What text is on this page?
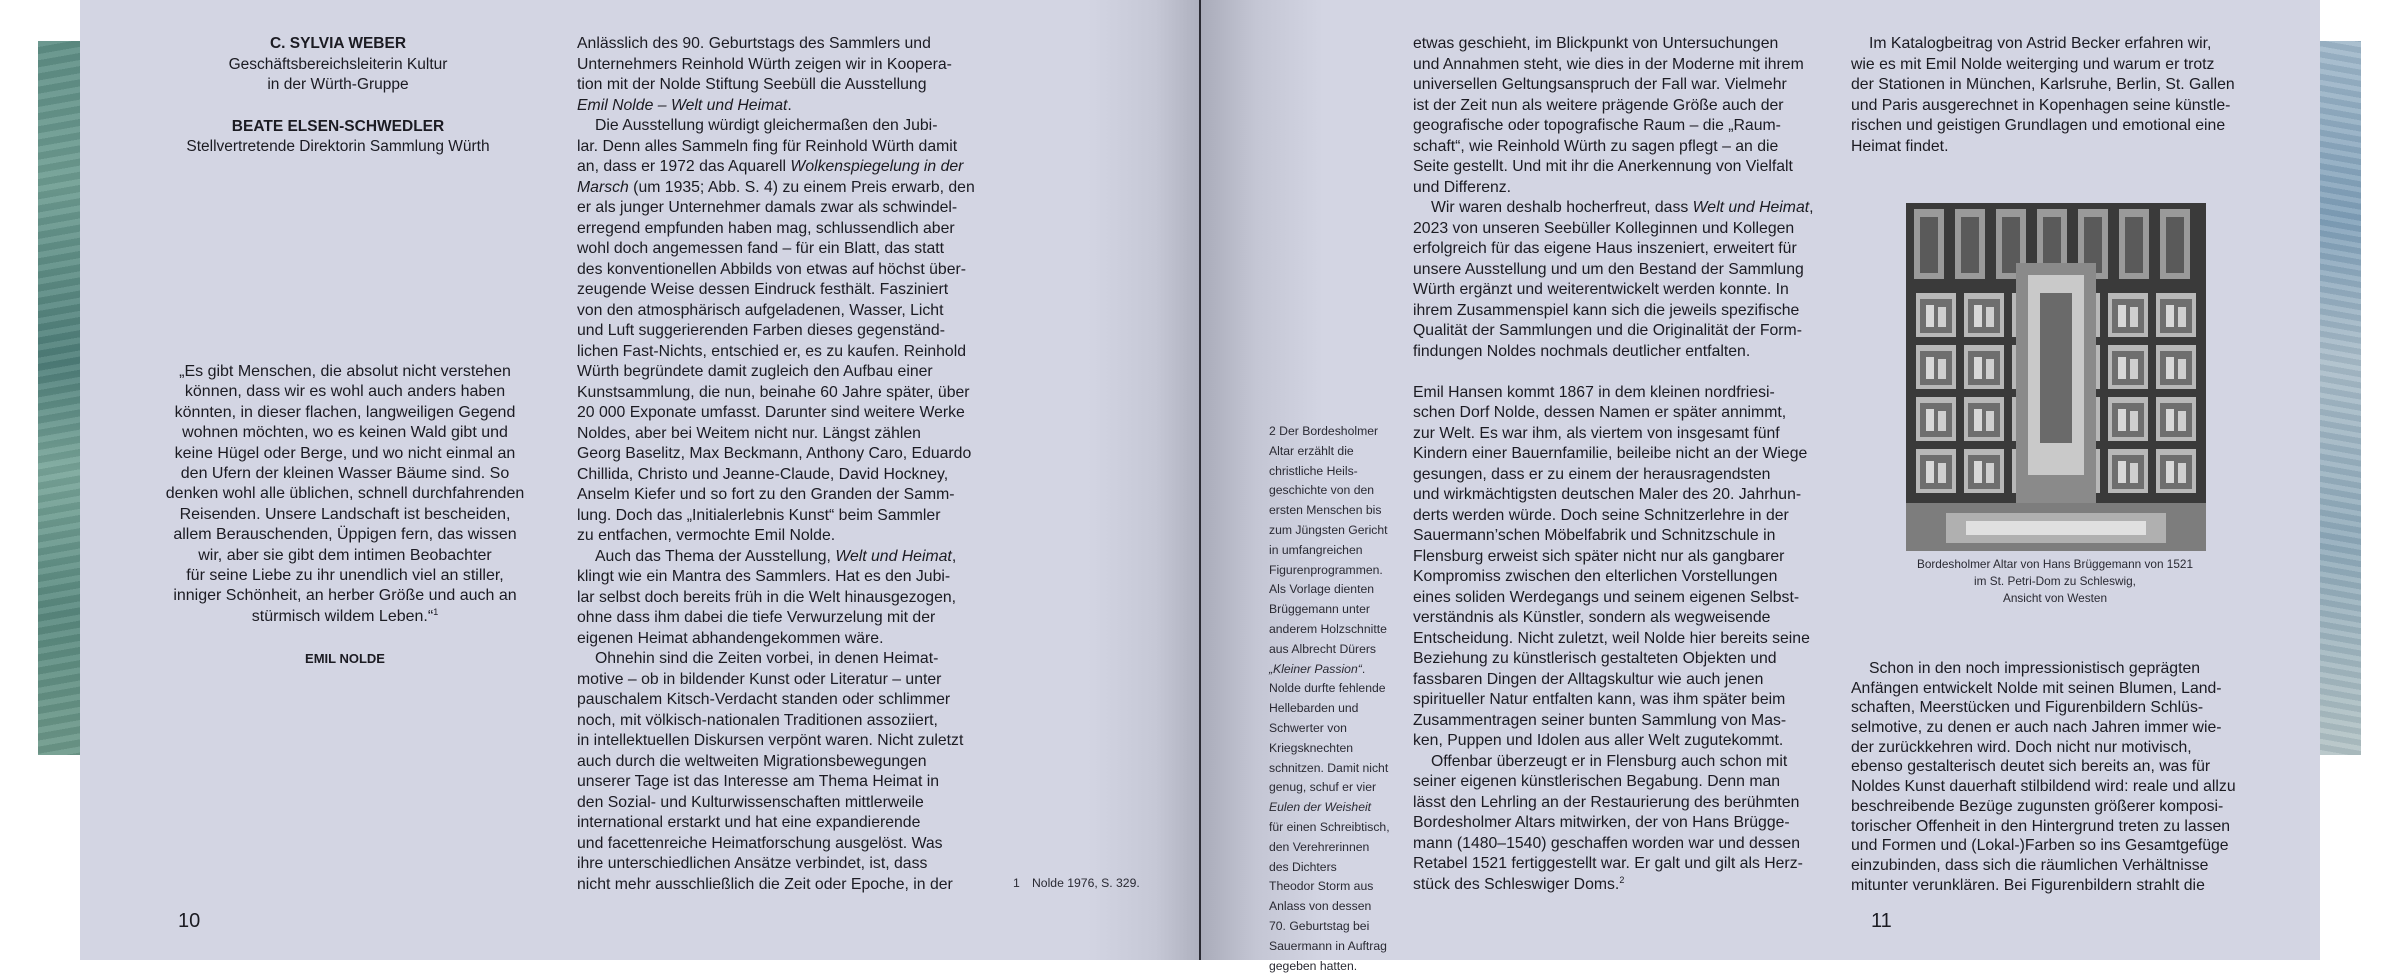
C. SYLVIA WEBER
Geschäftsbereichsleiterin Kultur
in der Würth-Gruppe
BEATE ELSEN-SCHWEDLER
Stellvertretende Direktorin Sammlung Würth
„Es gibt Menschen, die absolut nicht verstehen
können, dass wir es wohl auch anders haben
könnten, in dieser flachen, langweiligen Gegend
wohnen möchten, wo es keinen Wald gibt und
keine Hügel oder Berge, und wo nicht einmal an
den Ufern der kleinen Wasser Bäume sind. So
denken wohl alle üblichen, schnell durchfahrenden
Reisenden. Unsere Landschaft ist bescheiden,
allem Berauschenden, Üppigen fern, das wissen
wir, aber sie gibt dem intimen Beobachter
für seine Liebe zu ihr unendlich viel an stiller,
inniger Schönheit, an herber Größe und auch an
stürmisch wildem Leben.“$^1$
EMIL NOLDE
Anlässlich des 90. Geburtstags des Sammlers und
Unternehmers Reinhold Würth zeigen wir in Koopera-
tion mit der Nolde Stiftung Seebüll die Ausstellung
Emil Nolde – Welt und Heimat.
Die Ausstellung würdigt gleichermaßen den Jubi-
lar. Denn alles Sammeln fing für Reinhold Würth damit
an, dass er 1972 das Aquarell Wolkenspiegelung in der
Marsch (um 1935; Abb. S. 4) zu einem Preis erwarb, den
er als junger Unternehmer damals zwar als schwindel-
erregend empfunden haben mag, schlussendlich aber
wohl doch angemessen fand – für ein Blatt, das statt
des konventionellen Abbilds von etwas auf höchst über-
zeugende Weise dessen Eindruck festhält. Fasziniert
von den atmosphärisch aufgeladenen, Wasser, Licht
und Luft suggerierenden Farben dieses gegenständ-
lichen Fast-Nichts, entschied er, es zu kaufen. Reinhold
Würth begründete damit zugleich den Aufbau einer
Kunstsammlung, die nun, beinahe 60 Jahre später, über
20 000 Exponate umfasst. Darunter sind weitere Werke
Noldes, aber bei Weitem nicht nur. Längst zählen
Georg Baselitz, Max Beckmann, Anthony Caro, Eduardo
Chillida, Christo und Jeanne-Claude, David Hockney,
Anselm Kiefer und so fort zu den Granden der Samm-
lung. Doch das „Initialerlebnis Kunst“ beim Sammler
zu entfachen, vermochte Emil Nolde.
Auch das Thema der Ausstellung, Welt und Heimat,
klingt wie ein Mantra des Sammlers. Hat es den Jubi-
lar selbst doch bereits früh in die Welt hinausgezogen,
ohne dass ihm dabei die tiefe Verwurzelung mit der
eigenen Heimat abhandengekommen wäre.
Ohnehin sind die Zeiten vorbei, in denen Heimat-
motive – ob in bildender Kunst oder Literatur – unter
pauschalem Kitsch-Verdacht standen oder schlimmer
noch, mit völkisch-nationalen Traditionen assoziiert,
in intellektuellen Diskursen verpönt waren. Nicht zuletzt
auch durch die weltweiten Migrationsbewegungen
unserer Tage ist das Interesse am Thema Heimat in
den Sozial- und Kulturwissenschaften mittlerweile
international erstarkt und hat eine expandierende
und facettenreiche Heimatforschung ausgelöst. Was
ihre unterschiedlichen Ansätze verbindet, ist, dass
nicht mehr ausschließlich die Zeit oder Epoche, in der	1 Nolde 1976, S. 329.
10
2 Der Bordesholmer
Altar erzählt die
christliche Heils-
geschichte von den
ersten Menschen bis
zum Jüngsten Gericht
in umfangreichen
Figurenprogrammen.
Als Vorlage dienten
Brüggemann unter
anderem Holzschnitte
aus Albrecht Dürers
„Kleiner Passion“.
Nolde durfte fehlende
Hellebarden und
Schwerter von
Kriegsknechten
schnitzen. Damit nicht
genug, schuf er vier
Eulen der Weisheit
für einen Schreibtisch,
den Verehrerinnen
des Dichters
Theodor Storm aus
Anlass von dessen
70. Geburtstag bei
Sauermann in Auftrag
gegeben hatten.
etwas geschieht, im Blickpunkt von Untersuchungen
und Annahmen steht, wie dies in der Moderne mit ihrem
universellen Geltungsanspruch der Fall war. Vielmehr
ist der Zeit nun als weitere prägende Größe auch der
geografische oder topografische Raum – die „Raum-
schaft“, wie Reinhold Würth zu sagen pflegt – an die
Seite gestellt. Und mit ihr die Anerkennung von Vielfalt
und Differenz.
Wir waren deshalb hocherfreut, dass Welt und Heimat,
2023 von unseren Seebüller Kolleginnen und Kollegen
erfolgreich für das eigene Haus inszeniert, erweitert für
unsere Ausstellung und um den Bestand der Sammlung
Würth ergänzt und weiterentwickelt werden konnte. In
ihrem Zusammenspiel kann sich die jeweils spezifische
Qualität der Sammlungen und die Originalität der Form-
findungen Noldes nochmals deutlicher entfalten.
Emil Hansen kommt 1867 in dem kleinen nordfriesi-
schen Dorf Nolde, dessen Namen er später annimmt,
zur Welt. Es war ihm, als viertem von insgesamt fünf
Kindern einer Bauernfamilie, beileibe nicht an der Wiege
gesungen, dass er zu einem der herausragendsten
und wirkmächtigsten deutschen Maler des 20. Jahrhun-
derts werden würde. Doch seine Schnitzerlehre in der
Sauermann’schen Möbelfabrik und Schnitzschule in
Flensburg erweist sich später nicht nur als gangbarer
Kompromiss zwischen den elterlichen Vorstellungen
eines soliden Werdegangs und seinem eigenen Selbst-
verständnis als Künstler, sondern als wegweisende
Entscheidung. Nicht zuletzt, weil Nolde hier bereits seine
Beziehung zu künstlerisch gestalteten Objekten und
fassbaren Dingen der Alltagskultur wie auch jenen
spiritueller Natur entfalten kann, was ihm später beim
Zusammentragen seiner bunten Sammlung von Mas-
ken, Puppen und Idolen aus aller Welt zugutekommt.
Offenbar überzeugt er in Flensburg auch schon mit
seiner eigenen künstlerischen Begabung. Denn man
lässt den Lehrling an der Restaurierung des berühmten
Bordesholmer Altars mitwirken, der von Hans Brügge-
mann (1480–1540) geschaffen worden war und dessen
Retabel 1521 fertiggestellt war. Er galt und gilt als Herz-
stück des Schleswiger Doms.$^2$
Im Katalogbeitrag von Astrid Becker erfahren wir,
wie es mit Emil Nolde weiterging und warum er trotz
der Stationen in München, Karlsruhe, Berlin, St. Gallen
und Paris ausgerechnet in Kopenhagen seine künstle-
rischen und geistigen Grundlagen und emotional eine
Heimat findet.
Bordesholmer Altar von Hans Brüggemann von 1521
im St. Petri-Dom zu Schleswig,
Ansicht von Westen
Schon in den noch impressionistisch geprägten
Anfängen entwickelt Nolde mit seinen Blumen, Land-
schaften, Meerstücken und Figurenbildern Schlüs-
selmotive, zu denen er auch nach Jahren immer wie-
der zurückkehren wird. Doch nicht nur motivisch,
ebenso gestalterisch deutet sich bereits an, was für
Noldes Kunst dauerhaft stilbildend wird: reale und allzu
beschreibende Bezüge zugunsten größerer komposi-
torischer Offenheit in den Hintergrund treten zu lassen
und Formen und (Lokal-)Farben so ins Gesamtgefüge
einzubinden, dass sich die räumlichen Verhältnisse
mitunter verunklären. Bei Figurenbildern strahlt die
11
